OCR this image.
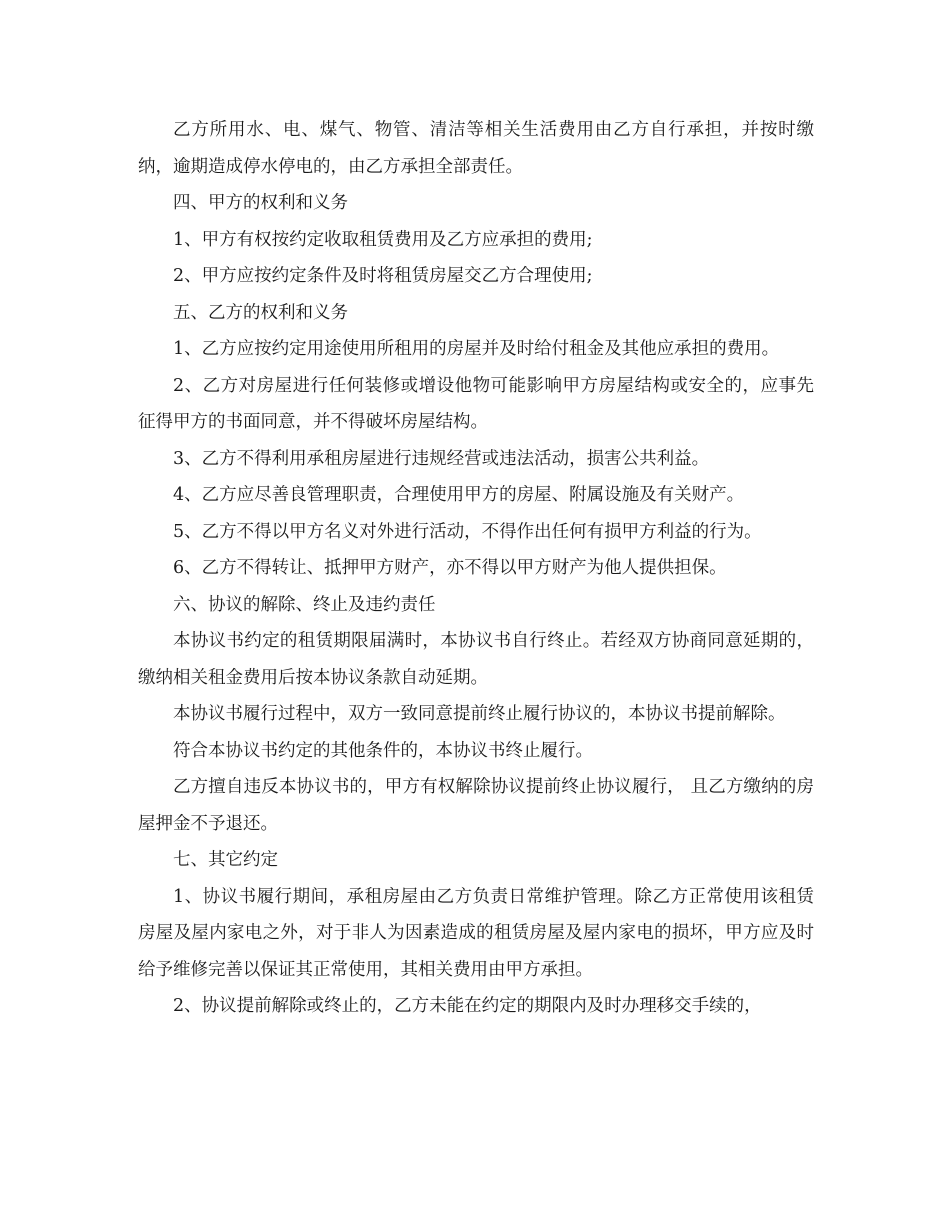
乙方所用水、电、煤气、物管、清洁等相关生活费用由乙方自行承担，并按时缴纳，逾期造成停水停电的，由乙方承担全部责任。

四、甲方的权利和义务

1、甲方有权按约定收取租赁费用及乙方应承担的费用;

2、甲方应按约定条件及时将租赁房屋交乙方合理使用;

五、乙方的权利和义务

1、乙方应按约定用途使用所租用的房屋并及时给付租金及其他应承担的费用。

2、乙方对房屋进行任何装修或增设他物可能影响甲方房屋结构或安全的，应事先征得甲方的书面同意，并不得破坏房屋结构。

3、乙方不得利用承租房屋进行违规经营或违法活动，损害公共利益。

4、乙方应尽善良管理职责，合理使用甲方的房屋、附属设施及有关财产。

5、乙方不得以甲方名义对外进行活动，不得作出任何有损甲方利益的行为。

6、乙方不得转让、抵押甲方财产，亦不得以甲方财产为他人提供担保。

六、协议的解除、终止及违约责任

本协议书约定的租赁期限届满时，本协议书自行终止。若经双方协商同意延期的，缴纳相关租金费用后按本协议条款自动延期。

本协议书履行过程中，双方一致同意提前终止履行协议的，本协议书提前解除。

符合本协议书约定的其他条件的，本协议书终止履行。

乙方擅自违反本协议书的，甲方有权解除协议提前终止协议履行， 且乙方缴纳的房屋押金不予退还。

七、其它约定

1、协议书履行期间，承租房屋由乙方负责日常维护管理。除乙方正常使用该租赁房屋及屋内家电之外，对于非人为因素造成的租赁房屋及屋内家电的损坏，甲方应及时给予维修完善以保证其正常使用，其相关费用由甲方承担。

2、协议提前解除或终止的，乙方未能在约定的期限内及时办理移交手续的，
